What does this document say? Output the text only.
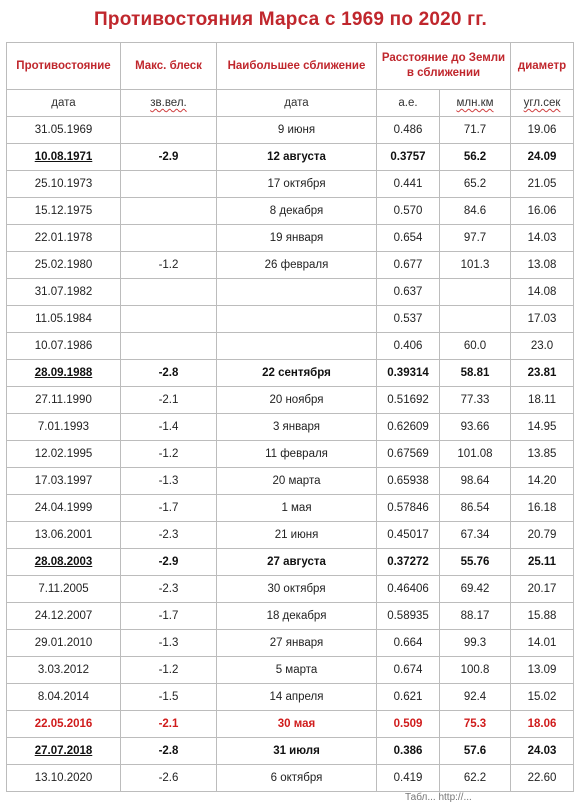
Противостояния Марса с 1969 по 2020 гг.
Противостояние	Макс. блеск	Наибольшее сближение	Расстояние до Земли в сближении		диаметр
дата	зв.вел.	дата	а.е.	млн.км	угл.сек
31.05.1969		9 июня	0.486	71.7	19.06
10.08.1971	-2.9	12 августа	0.3757	56.2	24.09
25.10.1973		17 октября	0.441	65.2	21.05
15.12.1975		8 декабря	0.570	84.6	16.06
22.01.1978		19 января	0.654	97.7	14.03
25.02.1980	-1.2	26 февраля	0.677	101.3	13.08
31.07.1982			0.637		14.08
11.05.1984			0.537		17.03
10.07.1986			0.406	60.0	23.0
28.09.1988	-2.8	22 сентября	0.39314	58.81	23.81
27.11.1990	-2.1	20 ноября	0.51692	77.33	18.11
7.01.1993	-1.4	3 января	0.62609	93.66	14.95
12.02.1995	-1.2	11 февраля	0.67569	101.08	13.85
17.03.1997	-1.3	20 марта	0.65938	98.64	14.20
24.04.1999	-1.7	1 мая	0.57846	86.54	16.18
13.06.2001	-2.3	21 июня	0.45017	67.34	20.79
28.08.2003	-2.9	27 августа	0.37272	55.76	25.11
7.11.2005	-2.3	30 октября	0.46406	69.42	20.17
24.12.2007	-1.7	18 декабря	0.58935	88.17	15.88
29.01.2010	-1.3	27 января	0.664	99.3	14.01
3.03.2012	-1.2	5 марта	0.674	100.8	13.09
8.04.2014	-1.5	14 апреля	0.621	92.4	15.02
22.05.2016	-2.1	30 мая	0.509	75.3	18.06
27.07.2018	-2.8	31 июля	0.386	57.6	24.03
13.10.2020	-2.6	6 октября	0.419	62.2	22.60
Табл... http://...
